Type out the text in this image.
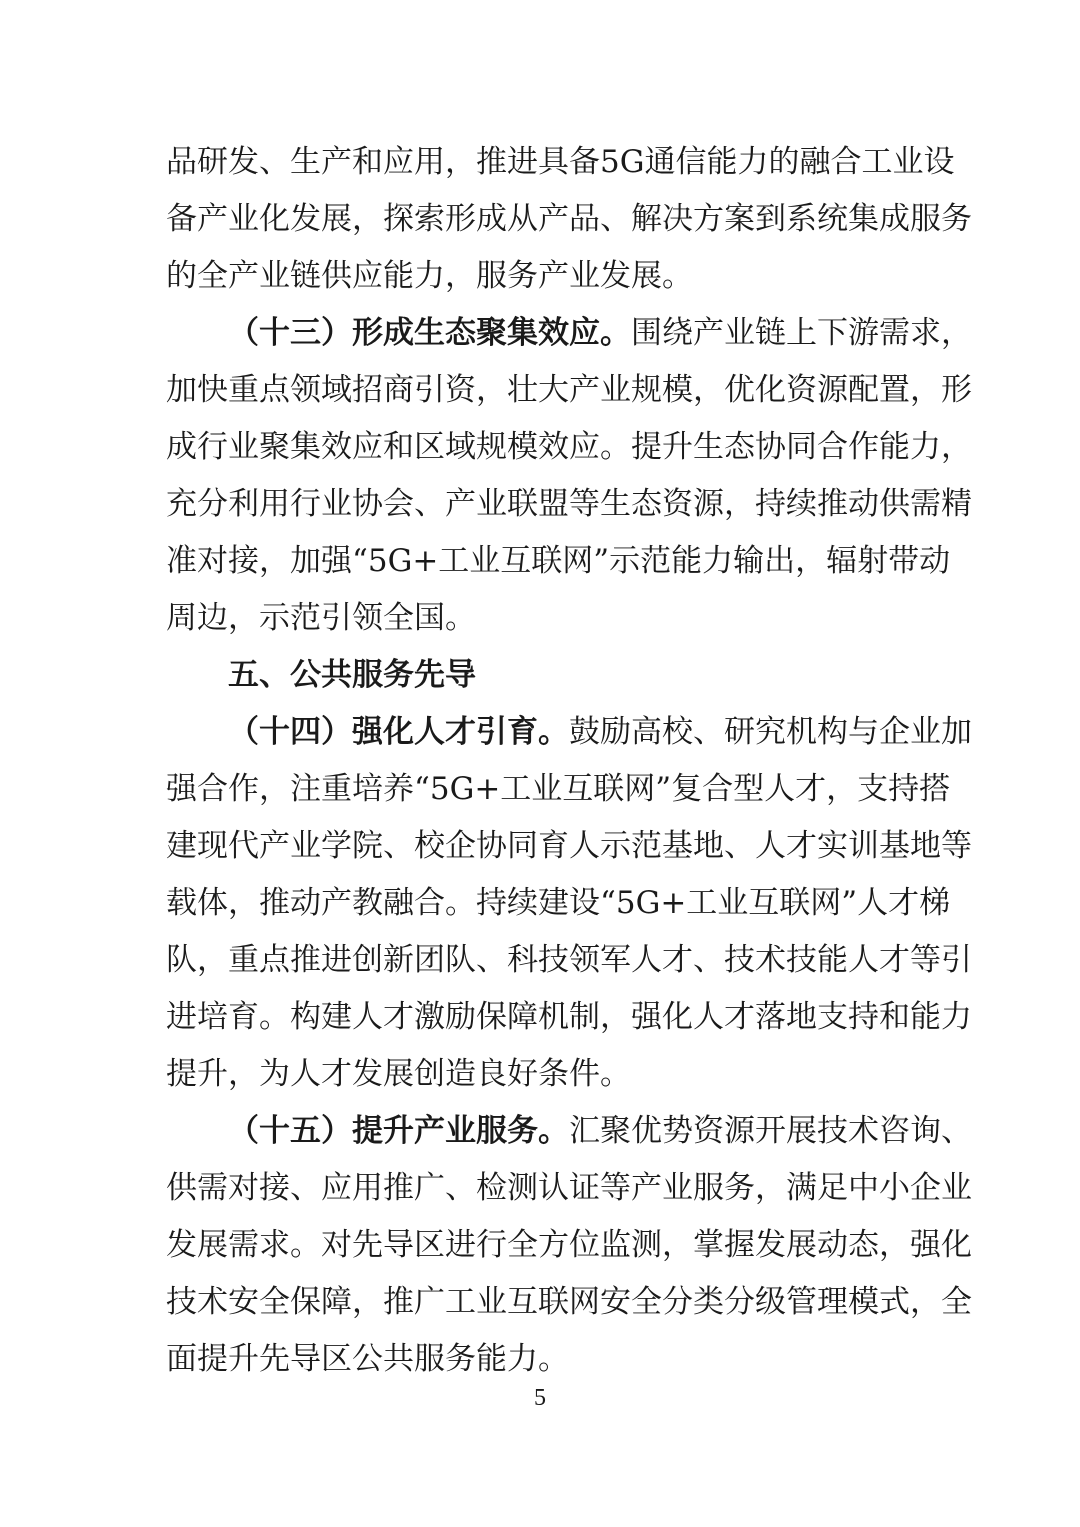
品研发、生产和应用，推进具备5G通信能力的融合工业设
备产业化发展，探索形成从产品、解决方案到系统集成服务
的全产业链供应能力，服务产业发展。
（十三）形成生态聚集效应。围绕产业链上下游需求，
加快重点领域招商引资，壮大产业规模，优化资源配置，形
成行业聚集效应和区域规模效应。提升生态协同合作能力，
充分利用行业协会、产业联盟等生态资源，持续推动供需精
准对接，加强“5G+工业互联网”示范能力输出，辐射带动
周边，示范引领全国。
五、公共服务先导
（十四）强化人才引育。鼓励高校、研究机构与企业加
强合作，注重培养“5G+工业互联网”复合型人才，支持搭
建现代产业学院、校企协同育人示范基地、人才实训基地等
载体，推动产教融合。持续建设“5G+工业互联网”人才梯
队，重点推进创新团队、科技领军人才、技术技能人才等引
进培育。构建人才激励保障机制，强化人才落地支持和能力
提升，为人才发展创造良好条件。
（十五）提升产业服务。汇聚优势资源开展技术咨询、
供需对接、应用推广、检测认证等产业服务，满足中小企业
发展需求。对先导区进行全方位监测，掌握发展动态，强化
技术安全保障，推广工业互联网安全分类分级管理模式，全
面提升先导区公共服务能力。
5
